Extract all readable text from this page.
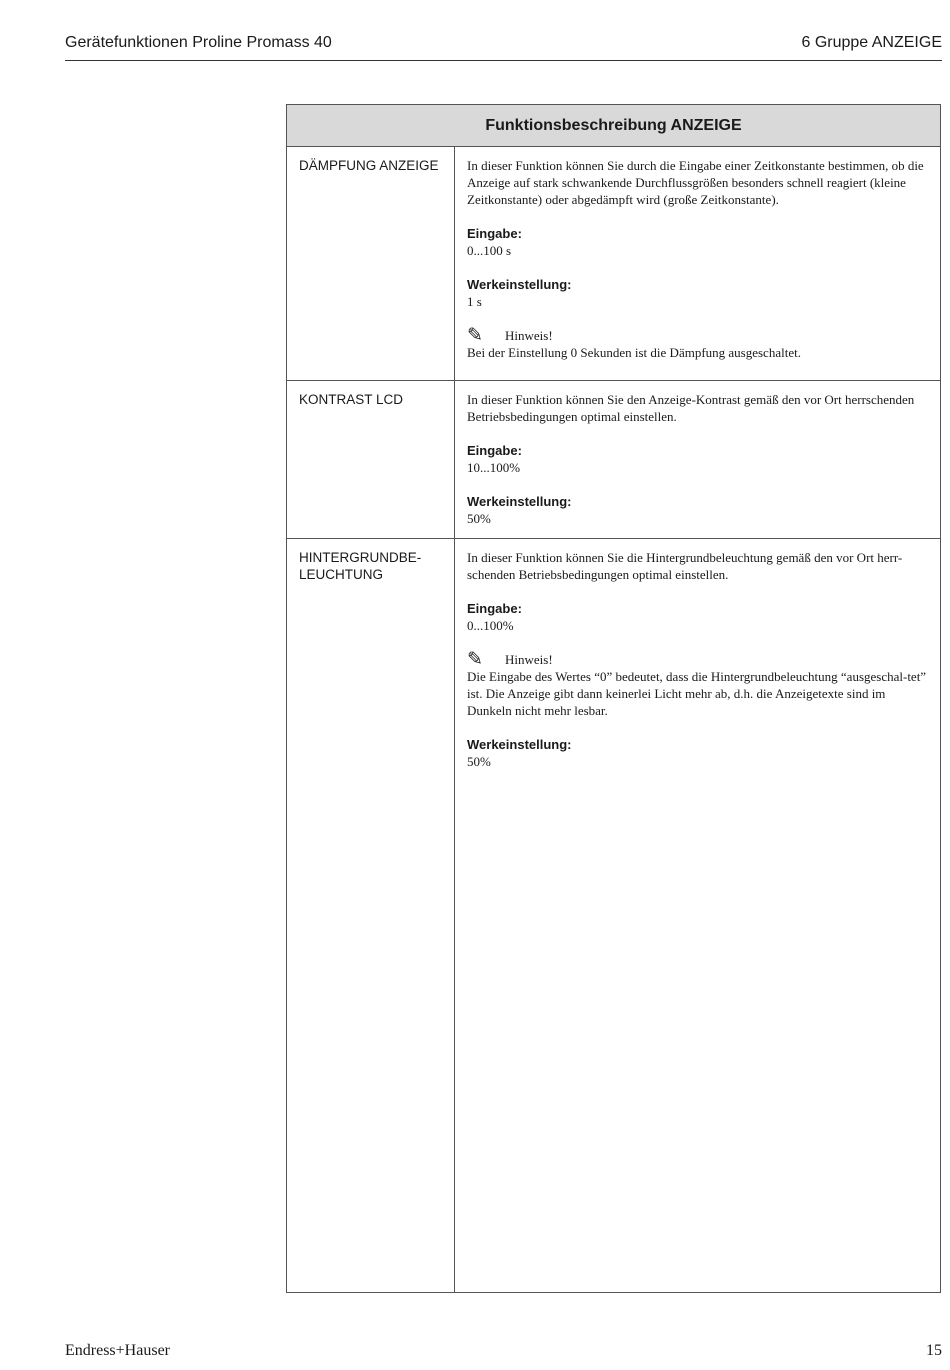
Gerätefunktionen Proline Promass 40	6 Gruppe ANZEIGE
Funktionsbeschreibung ANZEIGE
DÄMPFUNG ANZEIGE	In dieser Funktion können Sie durch die Eingabe einer Zeitkonstante bestimmen, ob die Anzeige auf stark schwankende Durchflussgrößen besonders schnell reagiert (kleine Zeitkonstante) oder abgedämpft wird (große Zeitkonstante).

Eingabe:
0...100 s
Werkeinstellung:
1 s
✎	Hinweis!
Bei der Einstellung 0 Sekunden ist die Dämpfung ausgeschaltet.
KONTRAST LCD	In dieser Funktion können Sie den Anzeige-Kontrast gemäß den vor Ort herrschenden Betriebsbedingungen optimal einstellen.

Eingabe:
10...100%
Werkeinstellung:
50%
HINTERGRUNDBE-
LEUCHTUNG

In dieser Funktion können Sie die Hintergrundbeleuchtung gemäß den vor Ort herr-schenden Betriebsbedingungen optimal einstellen.

Eingabe:
0...100%
✎	Hinweis!
Die Eingabe des Wertes “0” bedeutet, dass die Hintergrundbeleuchtung “ausgeschal-tet” ist. Die Anzeige gibt dann keinerlei Licht mehr ab, d.h. die Anzeigetexte sind im Dunkeln nicht mehr lesbar.
Werkeinstellung:
50%
Endress+Hauser	15
